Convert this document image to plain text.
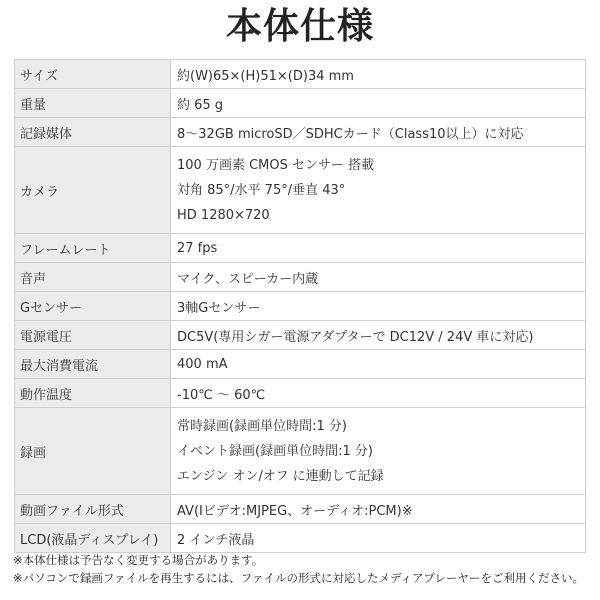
本体仕様
サイズ	約(W)65×(H)51×(D)34 mm
重量	約 65 g
記録媒体	8～32GB microSD／SDHCカード（Class10以上）に対応
カメラ	100 万画素 CMOS センサー 搭載
対角 85°/水平 75°/垂直 43°
HD 1280×720

フレームレート	27 fps
音声	マイク、スピーカー内蔵
Gセンサー	3軸Gセンサー
電源電圧	DC5V(専用シガー電源アダプターで DC12V / 24V 車に対応)
最大消費電流	400 mA
動作温度	-10℃ ～ 60℃
録画	常時録画(録画単位時間:1 分)
イベント録画(録画単位時間:1 分)
エンジン オン/オフ に連動して記録

動画ファイル形式	AV(Iビデオ:MJPEG、オーディオ:PCM)※
LCD(液晶ディスプレイ)	2 インチ液晶
※本体仕様は予告なく変更する場合があります。
※パソコンで録画ファイルを再生するには、ファイルの形式に対応したメディアプレーヤーをご利用ください。
